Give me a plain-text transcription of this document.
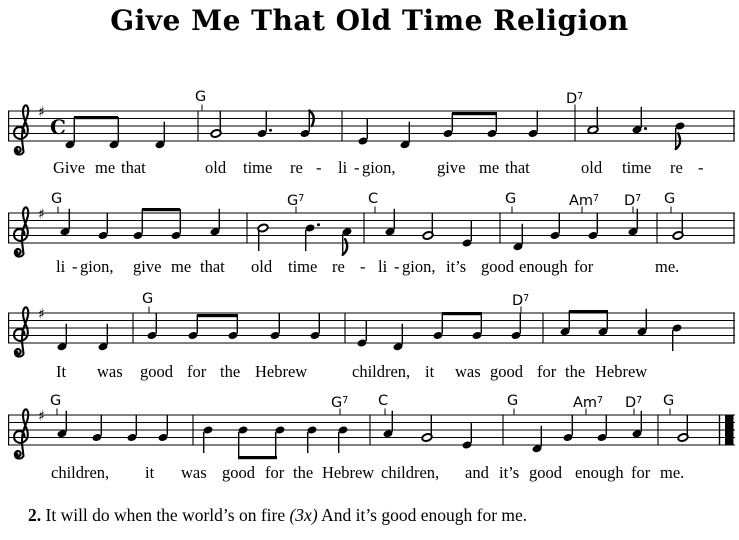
Give Me That Old Time Religion
♯
C
♯
♯
♯
G	$D^7$
Give me that	old time re - li - gion,	give me that	old time re -
G	$G^7$	C	G	Am$^7$ $D^7$ G
li - gion, give me that old time re - li - gion, it’s good enough for	me.
G	$D^7$
It was good for the Hebrew	children, it was good for the Hebrew
G	$G^7$ C	G	Am$^7$ $D^7$ G
children, it was good for the Hebrew children, and it’s good enough for me.
2. It will do when the world’s on fire (3x) And it’s good enough for me.
